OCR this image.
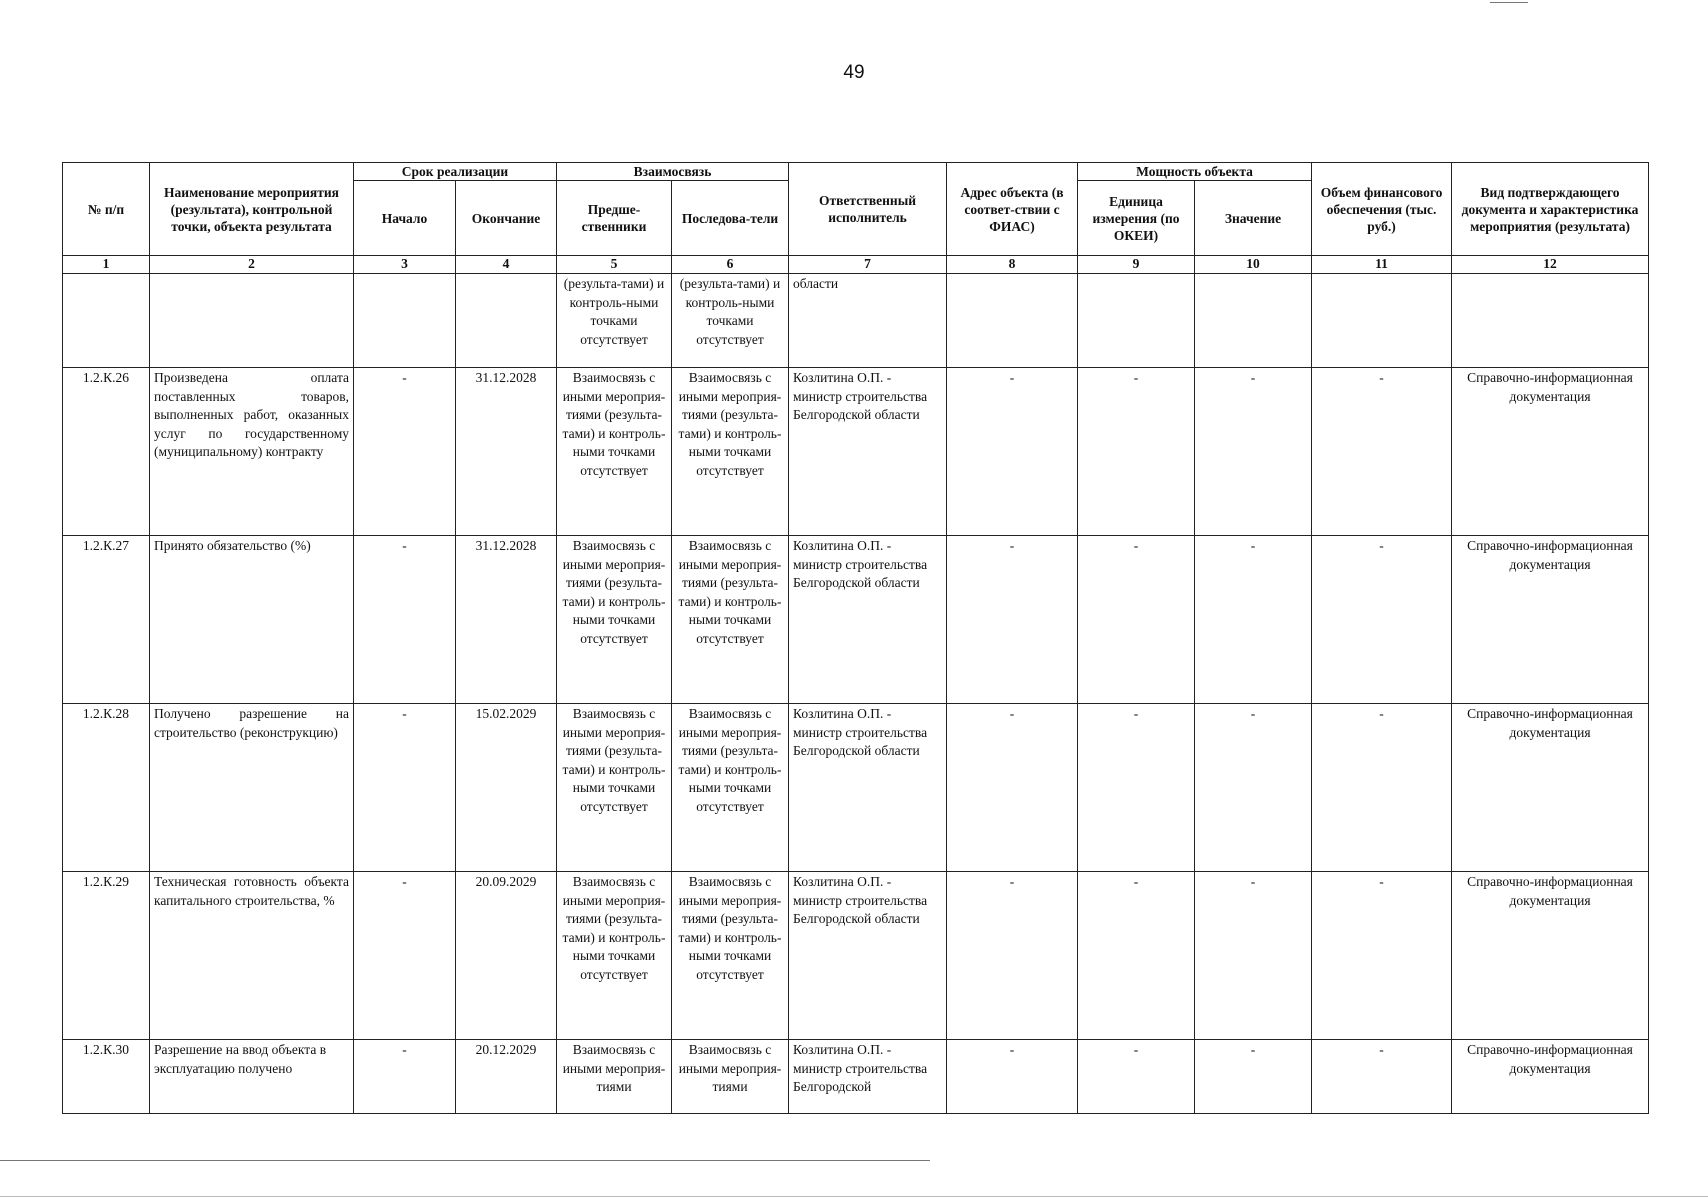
49
№ п/п	Наименование мероприятия (результата), контрольной точки, объекта результата	Срок реализации		Взаимосвязь		Ответственный исполнитель	Адрес объекта (в соответ-ствии с ФИАС)	Мощность объекта		Объем финансового обеспечения (тыс. руб.)	Вид подтверждающего документа и характеристика мероприятия (результата)
		Начало	Окончание	Предше-ственники	Последова-тели			Единица измерения (по ОКЕИ)	Значение		
1	2	3	4	5	6	7	8	9	10	11	12
				(результа-тами) и контроль-ными точками отсутствует	(результа-тами) и контроль-ными точками отсутствует	области					
1.2.К.26	Произведена оплата поставленных товаров, выполненных работ, оказанных услуг по государственному (муниципальному) контракту	-	31.12.2028	Взаимосвязь с иными мероприя-тиями (результа-тами) и контроль-ными точками отсутствует	Взаимосвязь с иными мероприя-тиями (результа-тами) и контроль-ными точками отсутствует	Козлитина О.П. - министр строительства Белгородской области	-	-	-	-	Справочно-информационная документация
1.2.К.27	Принято обязательство (%)	-	31.12.2028	Взаимосвязь с иными мероприя-тиями (результа-тами) и контроль-ными точками отсутствует	Взаимосвязь с иными мероприя-тиями (результа-тами) и контроль-ными точками отсутствует	Козлитина О.П. - министр строительства Белгородской области	-	-	-	-	Справочно-информационная документация
1.2.К.28	Получено разрешение на строительство (реконструкцию)	-	15.02.2029	Взаимосвязь с иными мероприя-тиями (результа-тами) и контроль-ными точками отсутствует	Взаимосвязь с иными мероприя-тиями (результа-тами) и контроль-ными точками отсутствует	Козлитина О.П. - министр строительства Белгородской области	-	-	-	-	Справочно-информационная документация
1.2.К.29	Техническая готовность объекта капитального строительства, %	-	20.09.2029	Взаимосвязь с иными мероприя-тиями (результа-тами) и контроль-ными точками отсутствует	Взаимосвязь с иными мероприя-тиями (результа-тами) и контроль-ными точками отсутствует	Козлитина О.П. - министр строительства Белгородской области	-	-	-	-	Справочно-информационная документация
1.2.К.30	Разрешение на ввод объекта в эксплуатацию получено	-	20.12.2029	Взаимосвязь с иными мероприя-тиями	Взаимосвязь с иными мероприя-тиями	Козлитина О.П. - министр строительства Белгородской	-	-	-	-	Справочно-информационная документация
